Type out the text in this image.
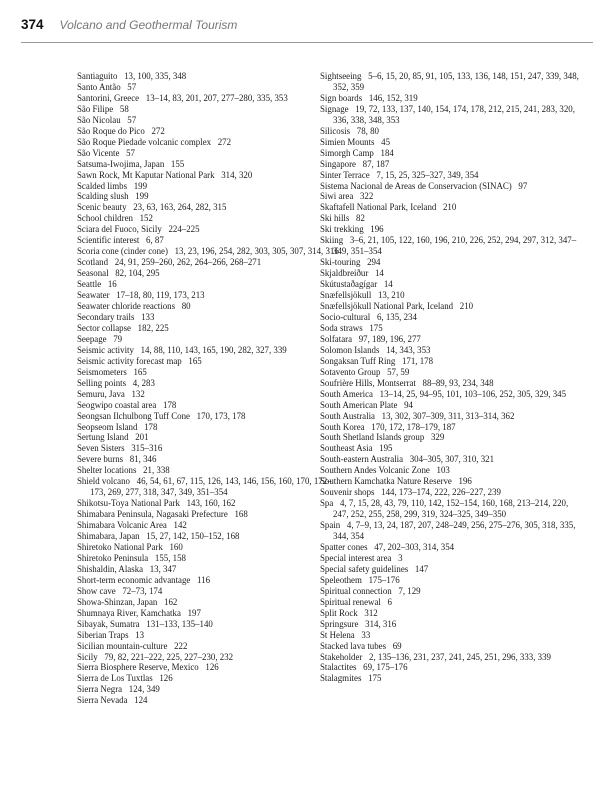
374 Volcano and Geothermal Tourism
Santiaguito 13, 100, 335, 348
Santo Antão 57
Santorini, Greece 13–14, 83, 201, 207, 277–280, 335, 353
São Filipe 58
São Nicolau 57
São Roque do Pico 272
São Roque Piedade volcanic complex 272
São Vicente 57
Satsuma-Iwojima, Japan 155
Sawn Rock, Mt Kaputar National Park 314, 320
Scalded limbs 199
Scalding slush 199
Scenic beauty 23, 63, 163, 264, 282, 315
School children 152
Sciara del Fuoco, Sicily 224–225
Scientific interest 6, 87
Scoria cone (cinder cone) 13, 23, 196, 254, 282, 303, 305, 307, 314, 316
Scotland 24, 91, 259–260, 262, 264–266, 268–271
Seasonal 82, 104, 295
Seattle 16
Seawater 17–18, 80, 119, 173, 213
Seawater chloride reactions 80
Secondary trails 133
Sector collapse 182, 225
Seepage 79
Seismic activity 14, 88, 110, 143, 165, 190, 282, 327, 339
Seismic activity forecast map 165
Seismometers 165
Selling points 4, 283
Semuru, Java 132
Seogwipo coastal area 178
Seongsan Ilchulbong Tuff Cone 170, 173, 178
Seopseom Island 178
Sertung Island 201
Seven Sisters 315–316
Severe burns 81, 346
Shelter locations 21, 338
Shield volcano 46, 54, 61, 67, 115, 126, 143, 146, 156, 160, 170, 172–173, 269, 277, 318, 347, 349, 351–354
Shikotsu-Toya National Park 143, 160, 162
Shimabara Peninsula, Nagasaki Prefecture 168
Shimabara Volcanic Area 142
Shimabara, Japan 15, 27, 142, 150–152, 168
Shiretoko National Park 160
Shiretoko Peninsula 155, 158
Shishaldin, Alaska 13, 347
Short-term economic advantage 116
Show cave 72–73, 174
Showa-Shinzan, Japan 162
Shumnaya River, Kamchatka 197
Sibayak, Sumatra 131–133, 135–140
Siberian Traps 13
Sicilian mountain-culture 222
Sicily 79, 82, 221–222, 225, 227–230, 232
Sierra Biosphere Reserve, Mexico 126
Sierra de Los Tuxtlas 126
Sierra Negra 124, 349
Sierra Nevada 124
Sightseeing 5–6, 15, 20, 85, 91, 105, 133, 136, 148, 151, 247, 339, 348, 352, 359
Sign boards 146, 152, 319
Signage 19, 72, 133, 137, 140, 154, 174, 178, 212, 215, 241, 283, 320, 336, 338, 348, 353
Silicosis 78, 80
Simien Mounts 45
Simorgh Camp 184
Singapore 87, 187
Sinter Terrace 7, 15, 25, 325–327, 349, 354
Sistema Nacional de Areas de Conservacion (SINAC) 97
Siwi area 322
Skaftafell National Park, Iceland 210
Ski hills 82
Ski trekking 196
Skiing 3–6, 21, 105, 122, 160, 196, 210, 226, 252, 294, 297, 312, 347–349, 351–354
Ski-touring 294
Skjaldbreiður 14
Skútustaðagígar 14
Snæfellsjökull 13, 210
Snæfellsjökull National Park, Iceland 210
Socio-cultural 6, 135, 234
Soda straws 175
Solfatara 97, 189, 196, 277
Solomon Islands 14, 343, 353
Songaksan Tuff Ring 171, 178
Sotavento Group 57, 59
Soufrière Hills, Montserrat 88–89, 93, 234, 348
South America 13–14, 25, 94–95, 101, 103–106, 252, 305, 329, 345
South American Plate 94
South Australia 13, 302, 307–309, 311, 313–314, 362
South Korea 170, 172, 178–179, 187
South Shetland Islands group 329
Southeast Asia 195
South-eastern Australia 304–305, 307, 310, 321
Southern Andes Volcanic Zone 103
Southern Kamchatka Nature Reserve 196
Souvenir shops 144, 173–174, 222, 226–227, 239
Spa 4, 7, 15, 28, 43, 79, 110, 142, 152–154, 160, 168, 213–214, 220, 247, 252, 255, 258, 299, 319, 324–325, 349–350
Spain 4, 7–9, 13, 24, 187, 207, 248–249, 256, 275–276, 305, 318, 335, 344, 354
Spatter cones 47, 202–303, 314, 354
Special interest area 3
Special safety guidelines 147
Speleothem 175–176
Spiritual connection 7, 129
Spiritual renewal 6
Split Rock 312
Springsure 314, 316
St Helena 33
Stacked lava tubes 69
Stakeholder 2, 135–136, 231, 237, 241, 245, 251, 296, 333, 339
Stalactites 69, 175–176
Stalagmites 175
